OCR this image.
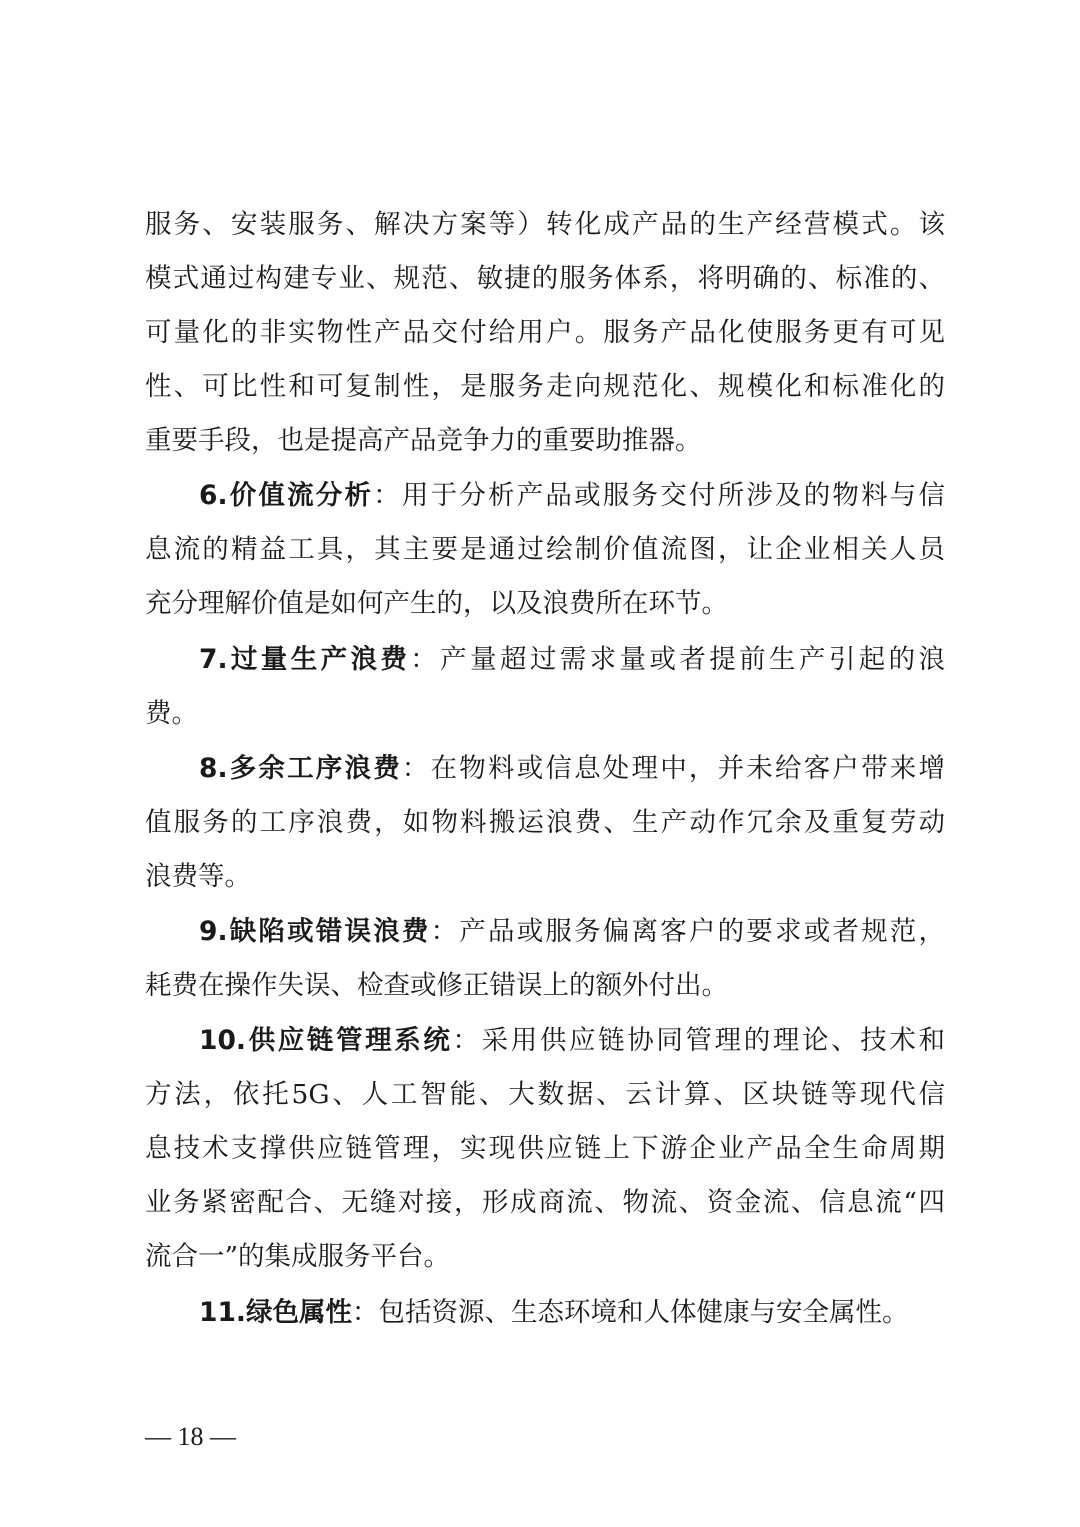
服务、安装服务、解决方案等）转化成产品的生产经营模式。该
模式通过构建专业、规范、敏捷的服务体系，将明确的、标准的、
可量化的非实物性产品交付给用户。服务产品化使服务更有可见
性、可比性和可复制性，是服务走向规范化、规模化和标准化的
重要手段，也是提高产品竞争力的重要助推器。
6.价值流分析：用于分析产品或服务交付所涉及的物料与信
息流的精益工具，其主要是通过绘制价值流图，让企业相关人员
充分理解价值是如何产生的，以及浪费所在环节。
7.过量生产浪费：产量超过需求量或者提前生产引起的浪
费。
8.多余工序浪费：在物料或信息处理中，并未给客户带来增
值服务的工序浪费，如物料搬运浪费、生产动作冗余及重复劳动
浪费等。
9.缺陷或错误浪费：产品或服务偏离客户的要求或者规范，
耗费在操作失误、检查或修正错误上的额外付出。
10.供应链管理系统：采用供应链协同管理的理论、技术和
方法，依托5G、人工智能、大数据、云计算、区块链等现代信
息技术支撑供应链管理，实现供应链上下游企业产品全生命周期
业务紧密配合、无缝对接，形成商流、物流、资金流、信息流“四
流合一”的集成服务平台。
11.绿色属性：包括资源、生态环境和人体健康与安全属性。
— 18 —
